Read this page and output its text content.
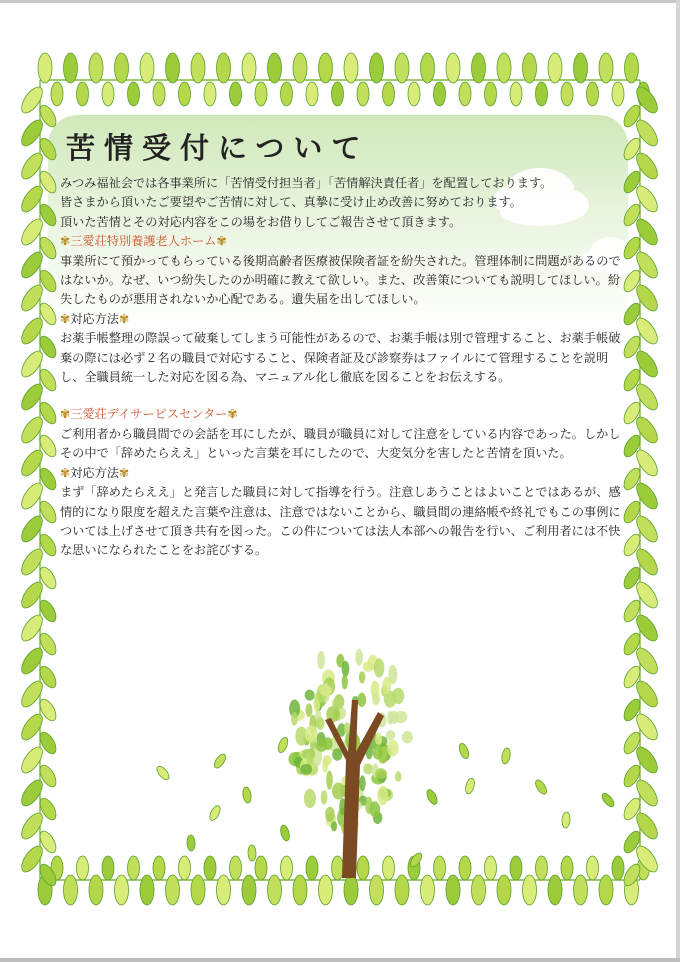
苦情受付について

みつみ福祉会では各事業所に「苦情受付担当者」「苦情解決責任者」を配置しております。

皆さまから頂いたご要望やご苦情に対して、真摯に受け止め改善に努めております。

頂いた苦情とその対応内容をこの場をお借りしてご報告させて頂きます。

✾三愛荘特別養護老人ホーム✾

事業所にて預かってもらっている後期高齢者医療被保険者証を紛失された。管理体制に問題があるのではないか。なぜ、いつ紛失したのか明確に教えて欲しい。また、改善策についても説明してほしい。紛失したものが悪用されないか心配である。遺失届を出してほしい。

✾対応方法✾

お薬手帳整理の際誤って破棄してしまう可能性があるので、お薬手帳は別で管理すること、お薬手帳破棄の際には必ず２名の職員で対応すること、保険者証及び診察券はファイルにて管理することを説明し、全職員統一した対応を図る為、マニュアル化し徹底を図ることをお伝えする。

✾三愛荘デイサービスセンター✾

ご利用者から職員間での会話を耳にしたが、職員が職員に対して注意をしている内容であった。しかしその中で「辞めたらええ」といった言葉を耳にしたので、大変気分を害したと苦情を頂いた。

✾対応方法✾

まず「辞めたらええ」と発言した職員に対して指導を行う。注意しあうことはよいことではあるが、感情的になり限度を超えた言葉や注意は、注意ではないことから、職員間の連絡帳や終礼でもこの事例については上げさせて頂き共有を図った。この件については法人本部への報告を行い、ご利用者には不快な思いになられたことをお詫びする。
